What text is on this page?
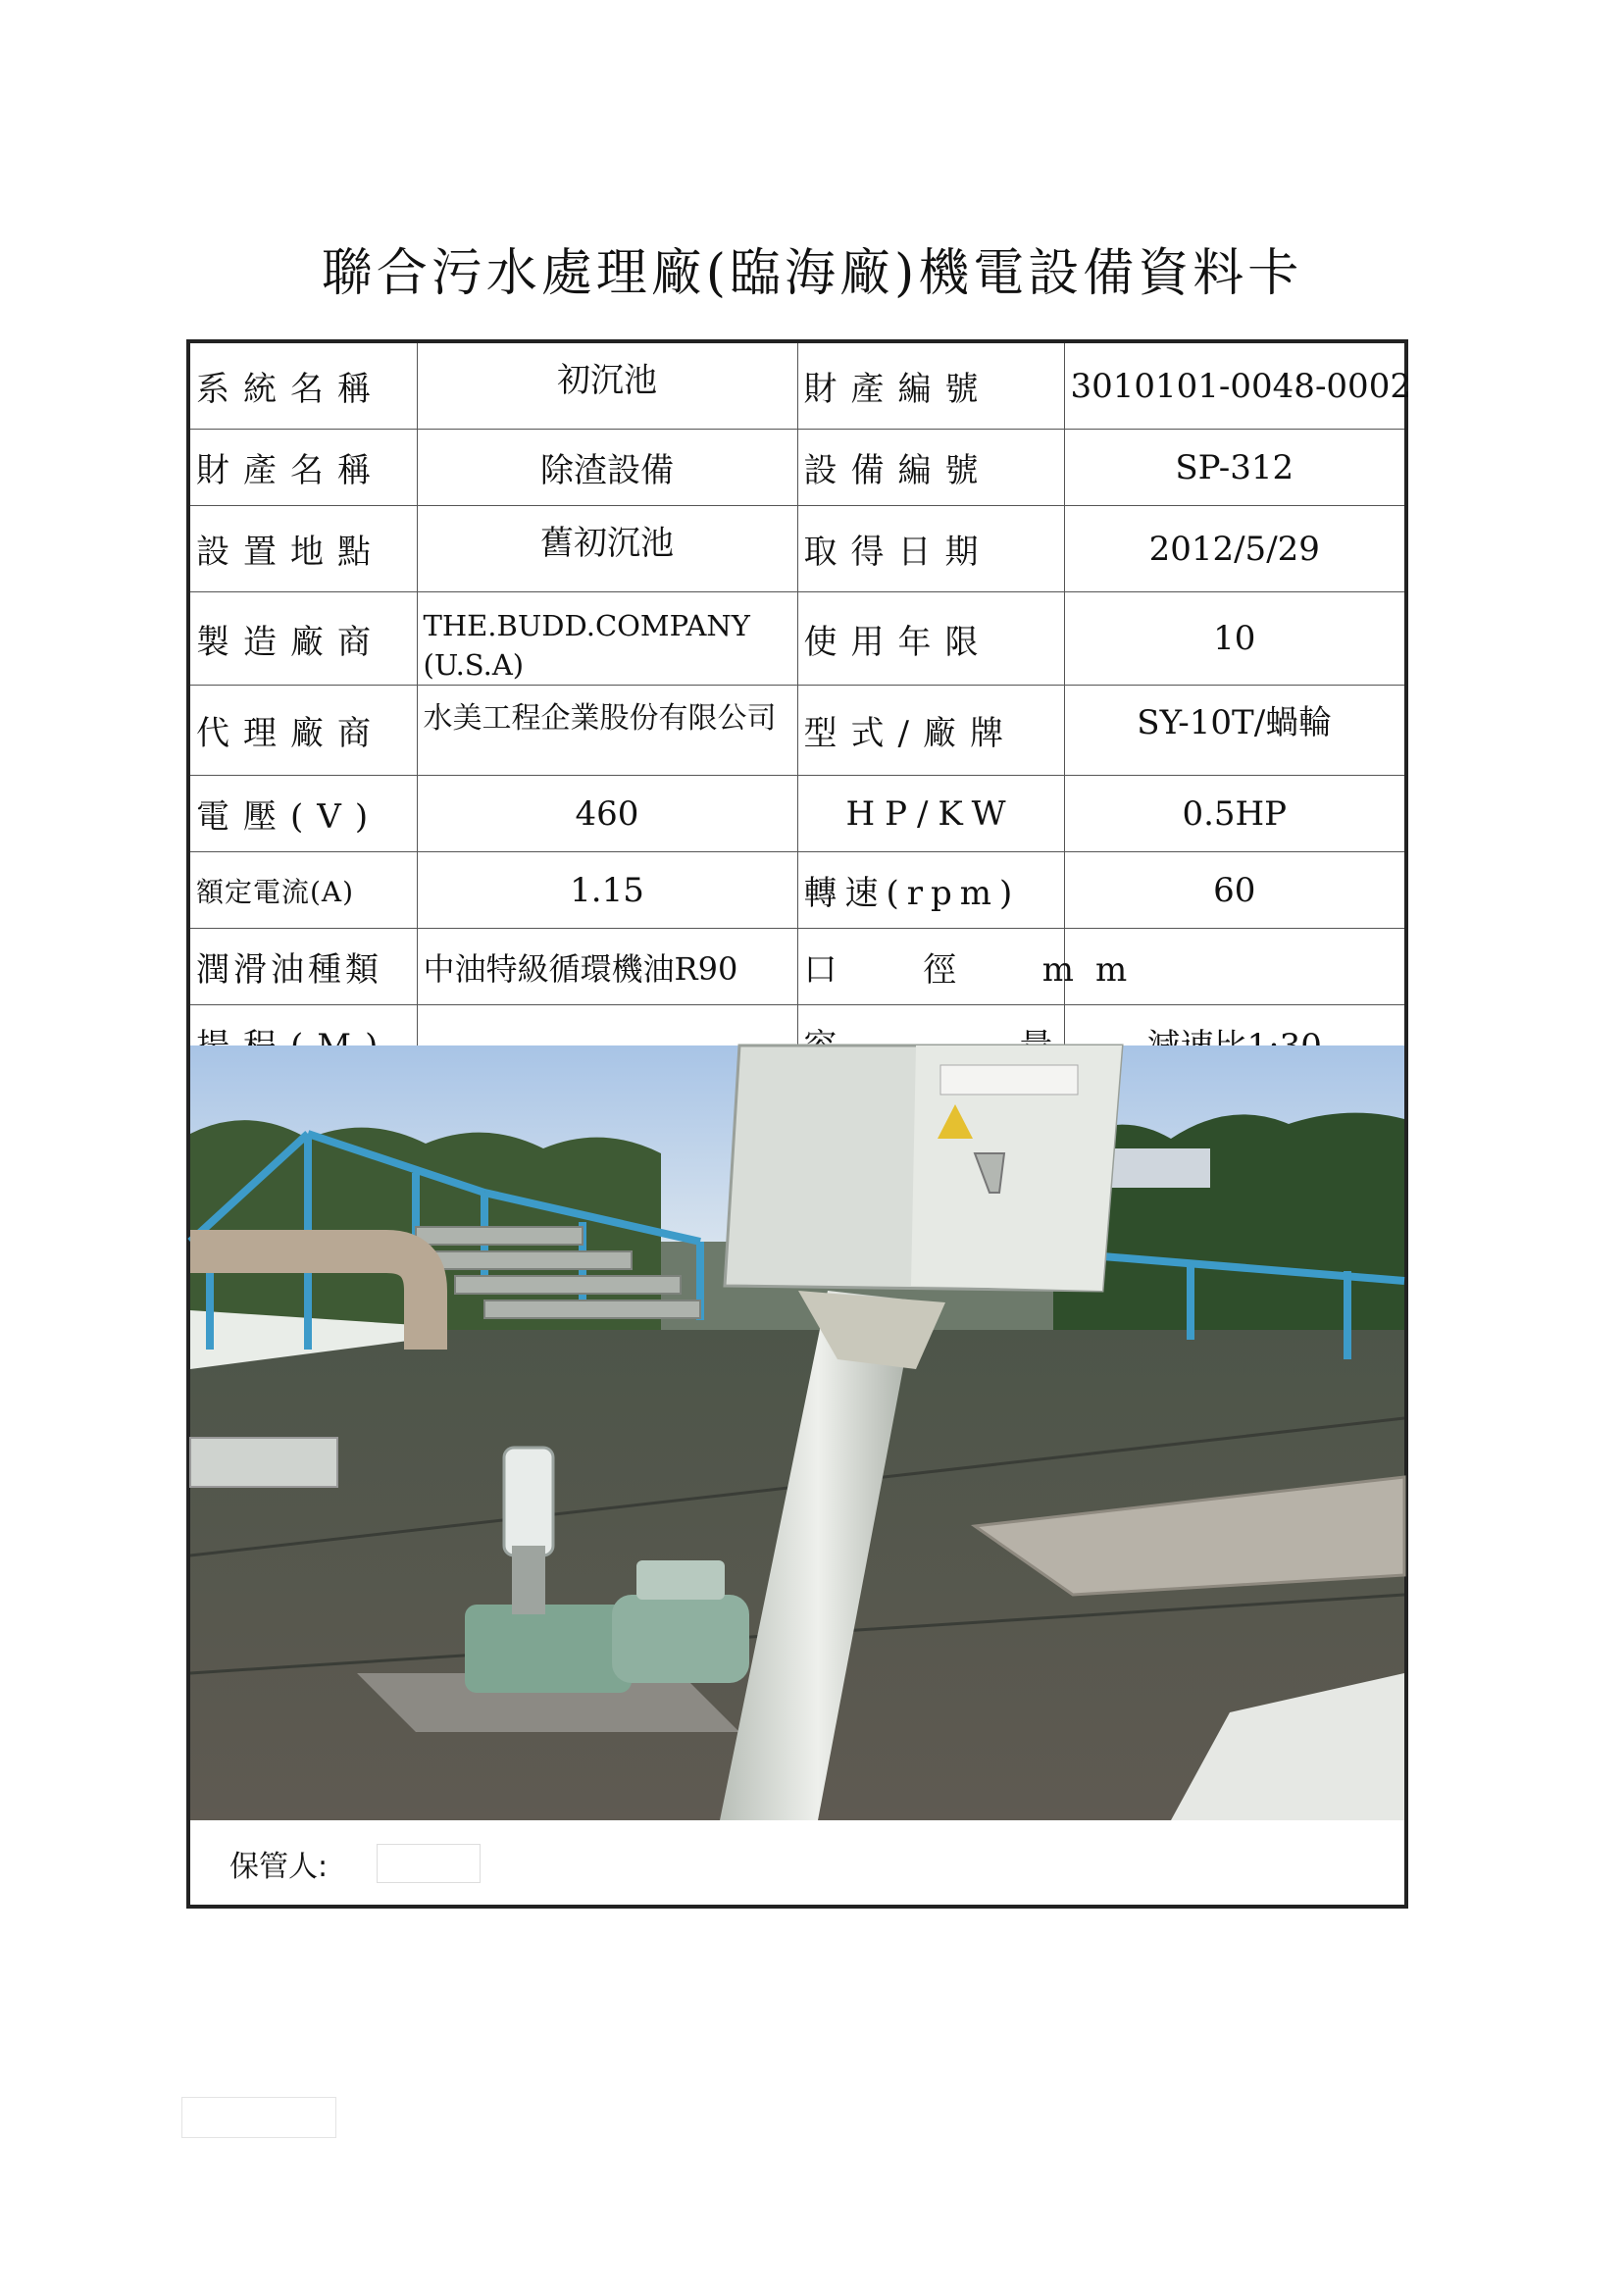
聯合污水處理廠(臨海廠)機電設備資料卡
系統名稱	初沉池	財產編號	3010101-0048-0002
財產名稱	除渣設備	設備編號	SP-312
設置地點	舊初沉池	取得日期	2012/5/29
製造廠商	THE.BUDD.COMPANY(U.S.A)	使用年限	10
代理廠商	水美工程企業股份有限公司	型式/廠牌	SY-10T/蝸輪
電壓(V)	460	HP/KW	0.5HP
額定電流(A)	1.15	轉速(rpm)	60
潤滑油種類	中油特級循環機油R90	口  徑  mm	

保管人:
